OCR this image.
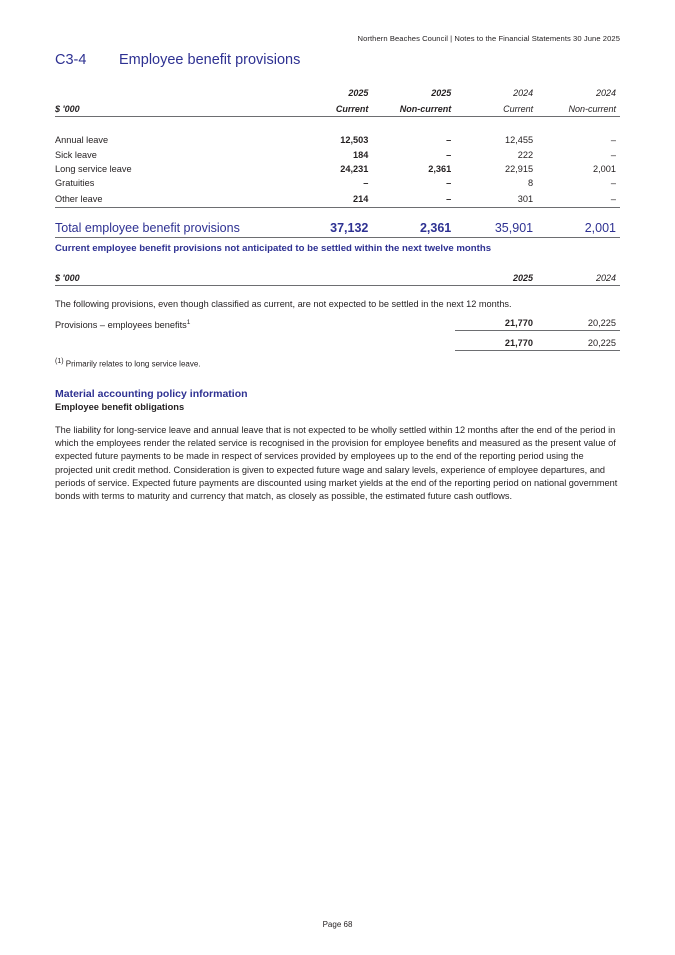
Northern Beaches Council | Notes to the Financial Statements 30 June 2025
C3-4 Employee benefit provisions
	2025	2025	2024	2024
$ '000	Current	Non-current	Current	Non-current

Annual leave	12,503	–	12,455	–
Sick leave	184	–	222	–
Long service leave	24,231	2,361	22,915	2,001
Gratuities	–	–	8	–
Other leave	214	–	301	–
Total employee benefit provisions	37,132	2,361	35,901	2,001
Current employee benefit provisions not anticipated to be settled within the next twelve months
$ '000	2025	2024
The following provisions, even though classified as current, are not expected to be settled in the next 12 months.		
Provisions – employees benefits$^1$	21,770	20,225
	21,770	20,225
$^{(1)}$ Primarily relates to long service leave.
Material accounting policy information
Employee benefit obligations
The liability for long-service leave and annual leave that is not expected to be wholly settled within 12 months after the end of the period in which the employees render the related service is recognised in the provision for employee benefits and measured as the present value of expected future payments to be made in respect of services provided by employees up to the end of the reporting period using the projected unit credit method. Consideration is given to expected future wage and salary levels, experience of employee departures, and periods of service. Expected future payments are discounted using market yields at the end of the reporting period on national government bonds with terms to maturity and currency that match, as closely as possible, the estimated future cash outflows.
Page 68
